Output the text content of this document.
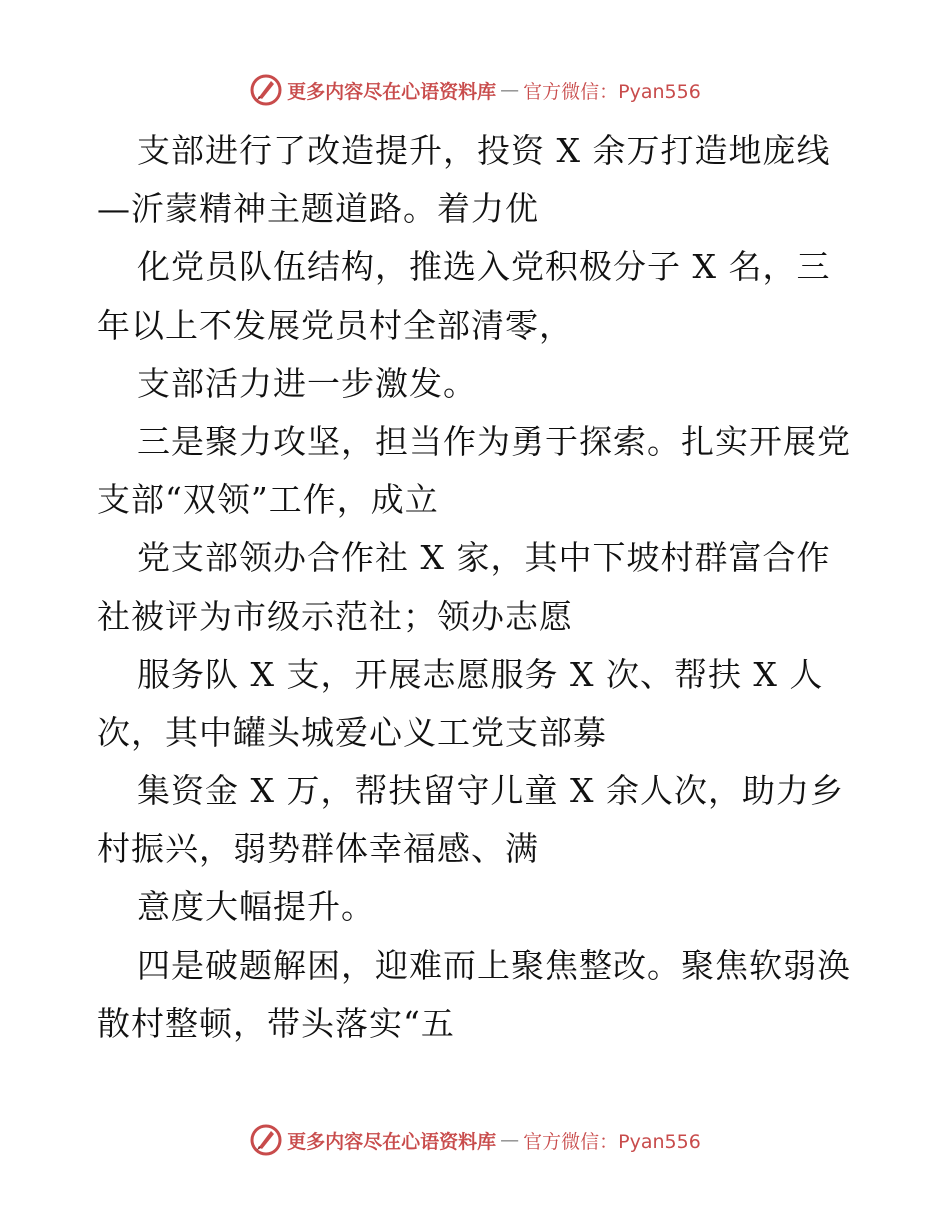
更多内容尽在心语资料库 — 官方微信：Pyan556
支部进行了改造提升，投资 X 余万打造地庞线
—沂蒙精神主题道路。着力优
化党员队伍结构，推选入党积极分子 X 名，三
年以上不发展党员村全部清零，
支部活力进一步激发。
三是聚力攻坚，担当作为勇于探索。扎实开展党
支部“双领”工作，成立
党支部领办合作社 X 家，其中下坡村群富合作
社被评为市级示范社；领办志愿
服务队 X 支，开展志愿服务 X 次、帮扶 X 人
次，其中罐头城爱心义工党支部募
集资金 X 万，帮扶留守儿童 X 余人次，助力乡
村振兴，弱势群体幸福感、满
意度大幅提升。
四是破题解困，迎难而上聚焦整改。聚焦软弱涣
散村整顿，带头落实“五
更多内容尽在心语资料库 — 官方微信：Pyan556
